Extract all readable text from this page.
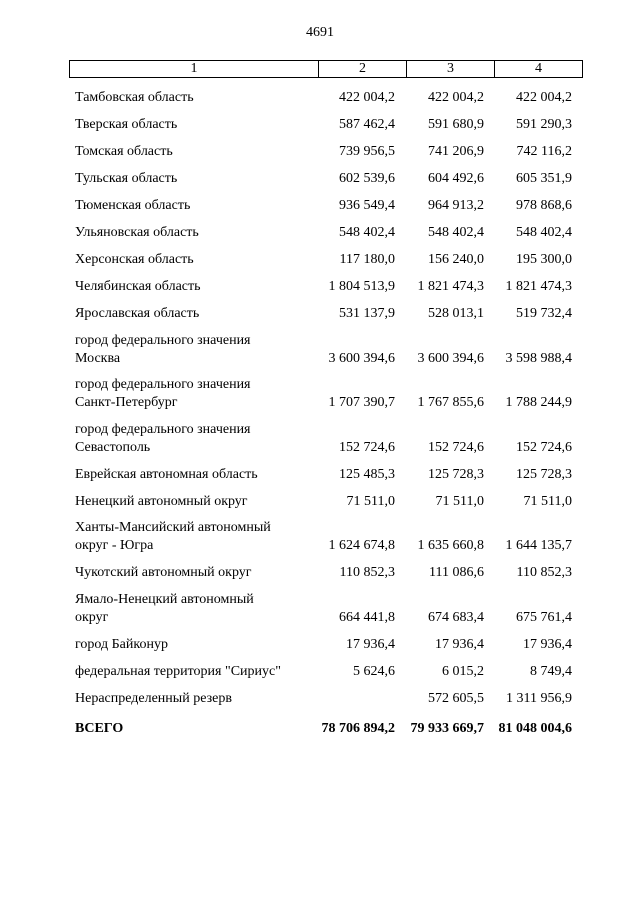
4691
1	2	3	4
Тамбовская область	422 004,2	422 004,2	422 004,2
Тверская область	587 462,4	591 680,9	591 290,3
Томская область	739 956,5	741 206,9	742 116,2
Тульская область	602 539,6	604 492,6	605 351,9
Тюменская область	936 549,4	964 913,2	978 868,6
Ульяновская область	548 402,4	548 402,4	548 402,4
Херсонская область	117 180,0	156 240,0	195 300,0
Челябинская область	1 804 513,9	1 821 474,3	1 821 474,3
Ярославская область	531 137,9	528 013,1	519 732,4
город федерального значения
Москва	3 600 394,6	3 600 394,6	3 598 988,4
город федерального значения
Санкт-Петербург	1 707 390,7	1 767 855,6	1 788 244,9
город федерального значения
Севастополь	152 724,6	152 724,6	152 724,6
Еврейская автономная область	125 485,3	125 728,3	125 728,3
Ненецкий автономный округ	71 511,0	71 511,0	71 511,0
Ханты-Мансийский автономный
округ - Югра	1 624 674,8	1 635 660,8	1 644 135,7
Чукотский автономный округ	110 852,3	111 086,6	110 852,3
Ямало-Ненецкий автономный
округ	664 441,8	674 683,4	675 761,4
город Байконур	17 936,4	17 936,4	17 936,4
федеральная территория "Сириус"	5 624,6	6 015,2	8 749,4
Нераспределенный резерв		572 605,5	1 311 956,9
ВСЕГО	78 706 894,2	79 933 669,7	81 048 004,6
